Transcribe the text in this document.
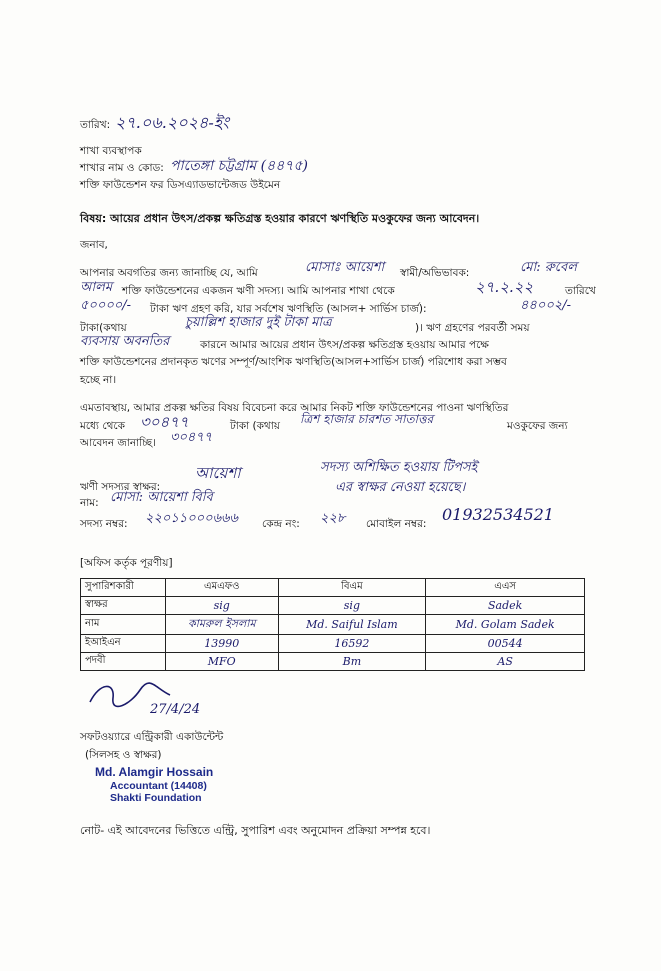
তারিখ: ২৭.০৬.২০২৪-ইং
শাখা ব্যবস্থাপক
শাখার নাম ও কোড: পাতেঙ্গা চট্টগ্রাম (৪৪৭৫)
শক্তি ফাউন্ডেশন ফর ডিসএ্যাডভান্টেজড উইমেন
বিষয়: আয়ের প্রধান উৎস/প্রকল্প ক্ষতিগ্রস্ত হওয়ার কারণে ঋণস্থিতি মওকুফের জন্য আবেদন।
জনাব,
আপনার অবগতির জন্য জানাচ্ছি যে, আমি	মোসাঃ আয়েশা স্বামী/অভিভাবক:	মো: রুবেল
আলম শক্তি ফাউন্ডেশনের একজন ঋণী সদস্য। আমি আপনার শাখা থেকে	২৭.২.২২	তারিখে
৫০০০০/- টাকা ঋণ গ্রহণ করি, যার সর্বশেষ ঋণস্থিতি (আসল+ সার্ভিস চার্জ):	৪৪০০২/-
টাকা(কথায়	চুয়াল্লিশ হাজার দুই টাকা মাত্র	)। ঋণ গ্রহণের পরবর্তী সময়
ব্যবসায় অবনতির	কারনে আমার আয়ের প্রধান উৎস/প্রকল্প ক্ষতিগ্রস্ত হওয়ায় আমার পক্ষে
শক্তি ফাউন্ডেশনের প্রদানকৃত ঋণের সম্পূর্ণ/আংশিক ঋণস্থিতি(আসল+সার্ভিস চার্জ) পরিশোধ করা সম্ভব
হচ্ছে না।
এমতাবস্থায়, আমার প্রকল্প ক্ষতির বিষয় বিবেচনা করে আমার নিকট শক্তি ফাউন্ডেশনের পাওনা ঋণস্থিতির
মধ্যে থেকে ৩০৪৭৭	টাকা (কথায় ত্রিশ হাজার চারশত সাতাত্তর	মওকুফের জন্য
আবেদন জানাচ্ছি। ৩০৪৭৭
ঋণী সদস্যর স্বাক্ষর:
আয়েশা
নাম: মোসা: আয়েশা বিবি
সদস্য অশিক্ষিত হওয়ায় টিপসই
এর স্বাক্ষর নেওয়া হয়েছে।
সদস্য নম্বর: ২২০১১০০০৬৬৬ কেন্দ্র নং: ২২৮ মোবাইল নম্বর: 01932534521
[অফিস কর্তৃক পূরণীয়]
সুপারিশকারী	এমএফও	বিএম	এএস
স্বাক্ষর	sig	sig	Sadek
নাম	কামরুল ইসলাম	Md. Saiful Islam	Md. Golam Sadek
ইআইএন	13990	16592	00544
পদবী	MFO	Bm	AS
27/4/24
সফটওয়্যারে এন্ট্রিকারী একাউন্টেন্ট
(সিলসহ ও স্বাক্ষর)
Md. Alamgir Hossain
Accountant (14408)
Shakti Foundation
নোট- এই আবেদনের ভিত্তিতে এন্ট্রি, সুপারিশ এবং অনুমোদন প্রক্রিয়া সম্পন্ন হবে।
